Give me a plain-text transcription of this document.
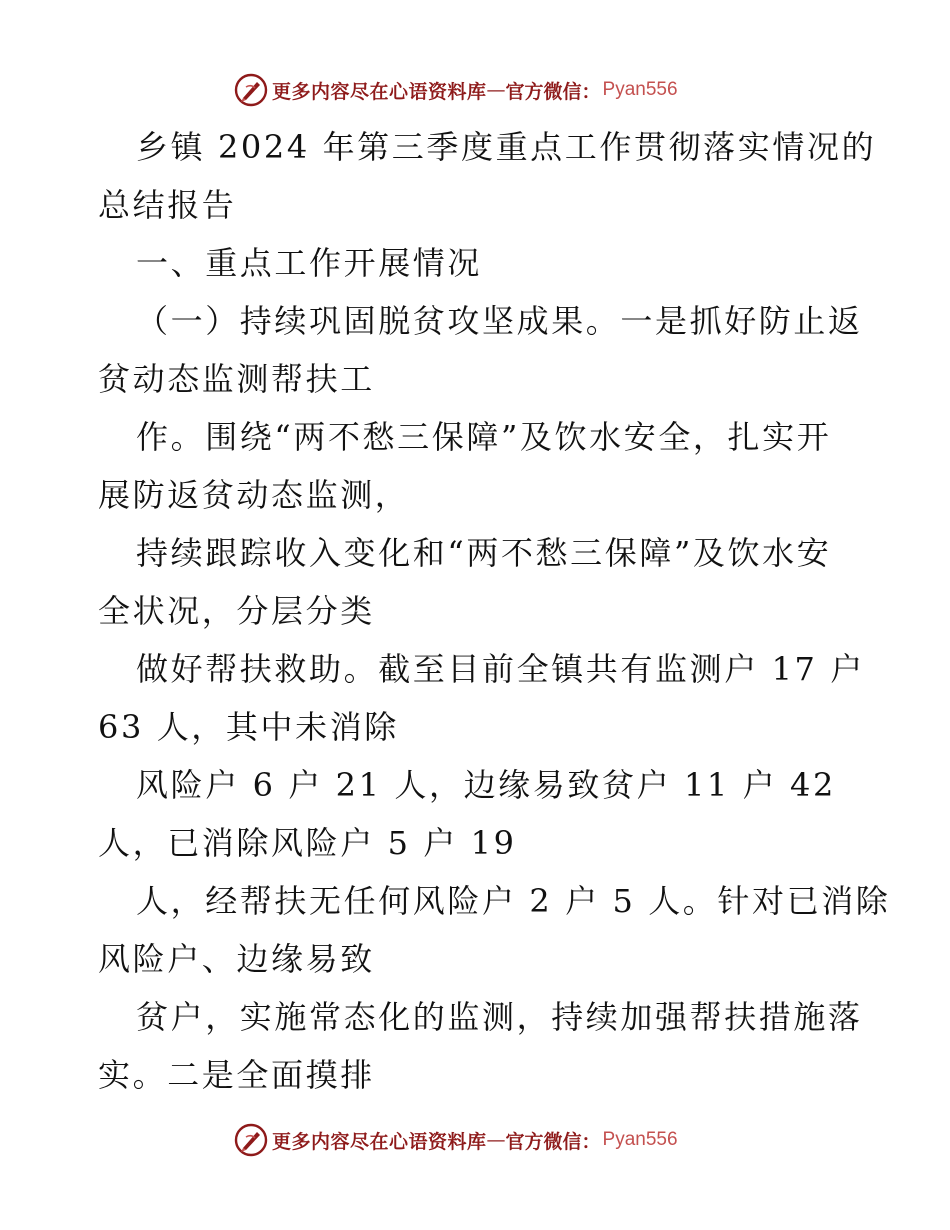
更多内容尽在心语资料库 — 官方微信： Pyan556
乡镇 2024 年第三季度重点工作贯彻落实情况的
总结报告
一、重点工作开展情况
（一）持续巩固脱贫攻坚成果。一是抓好防止返
贫动态监测帮扶工
作。围绕“两不愁三保障”及饮水安全，扎实开
展防返贫动态监测，
持续跟踪收入变化和“两不愁三保障”及饮水安
全状况，分层分类
做好帮扶救助。截至目前全镇共有监测户 17 户
63 人，其中未消除
风险户 6 户 21 人，边缘易致贫户 11 户 42
人，已消除风险户 5 户 19
人，经帮扶无任何风险户 2 户 5 人。针对已消除
风险户、边缘易致
贫户，实施常态化的监测，持续加强帮扶措施落
实。二是全面摸排
更多内容尽在心语资料库 — 官方微信： Pyan556
